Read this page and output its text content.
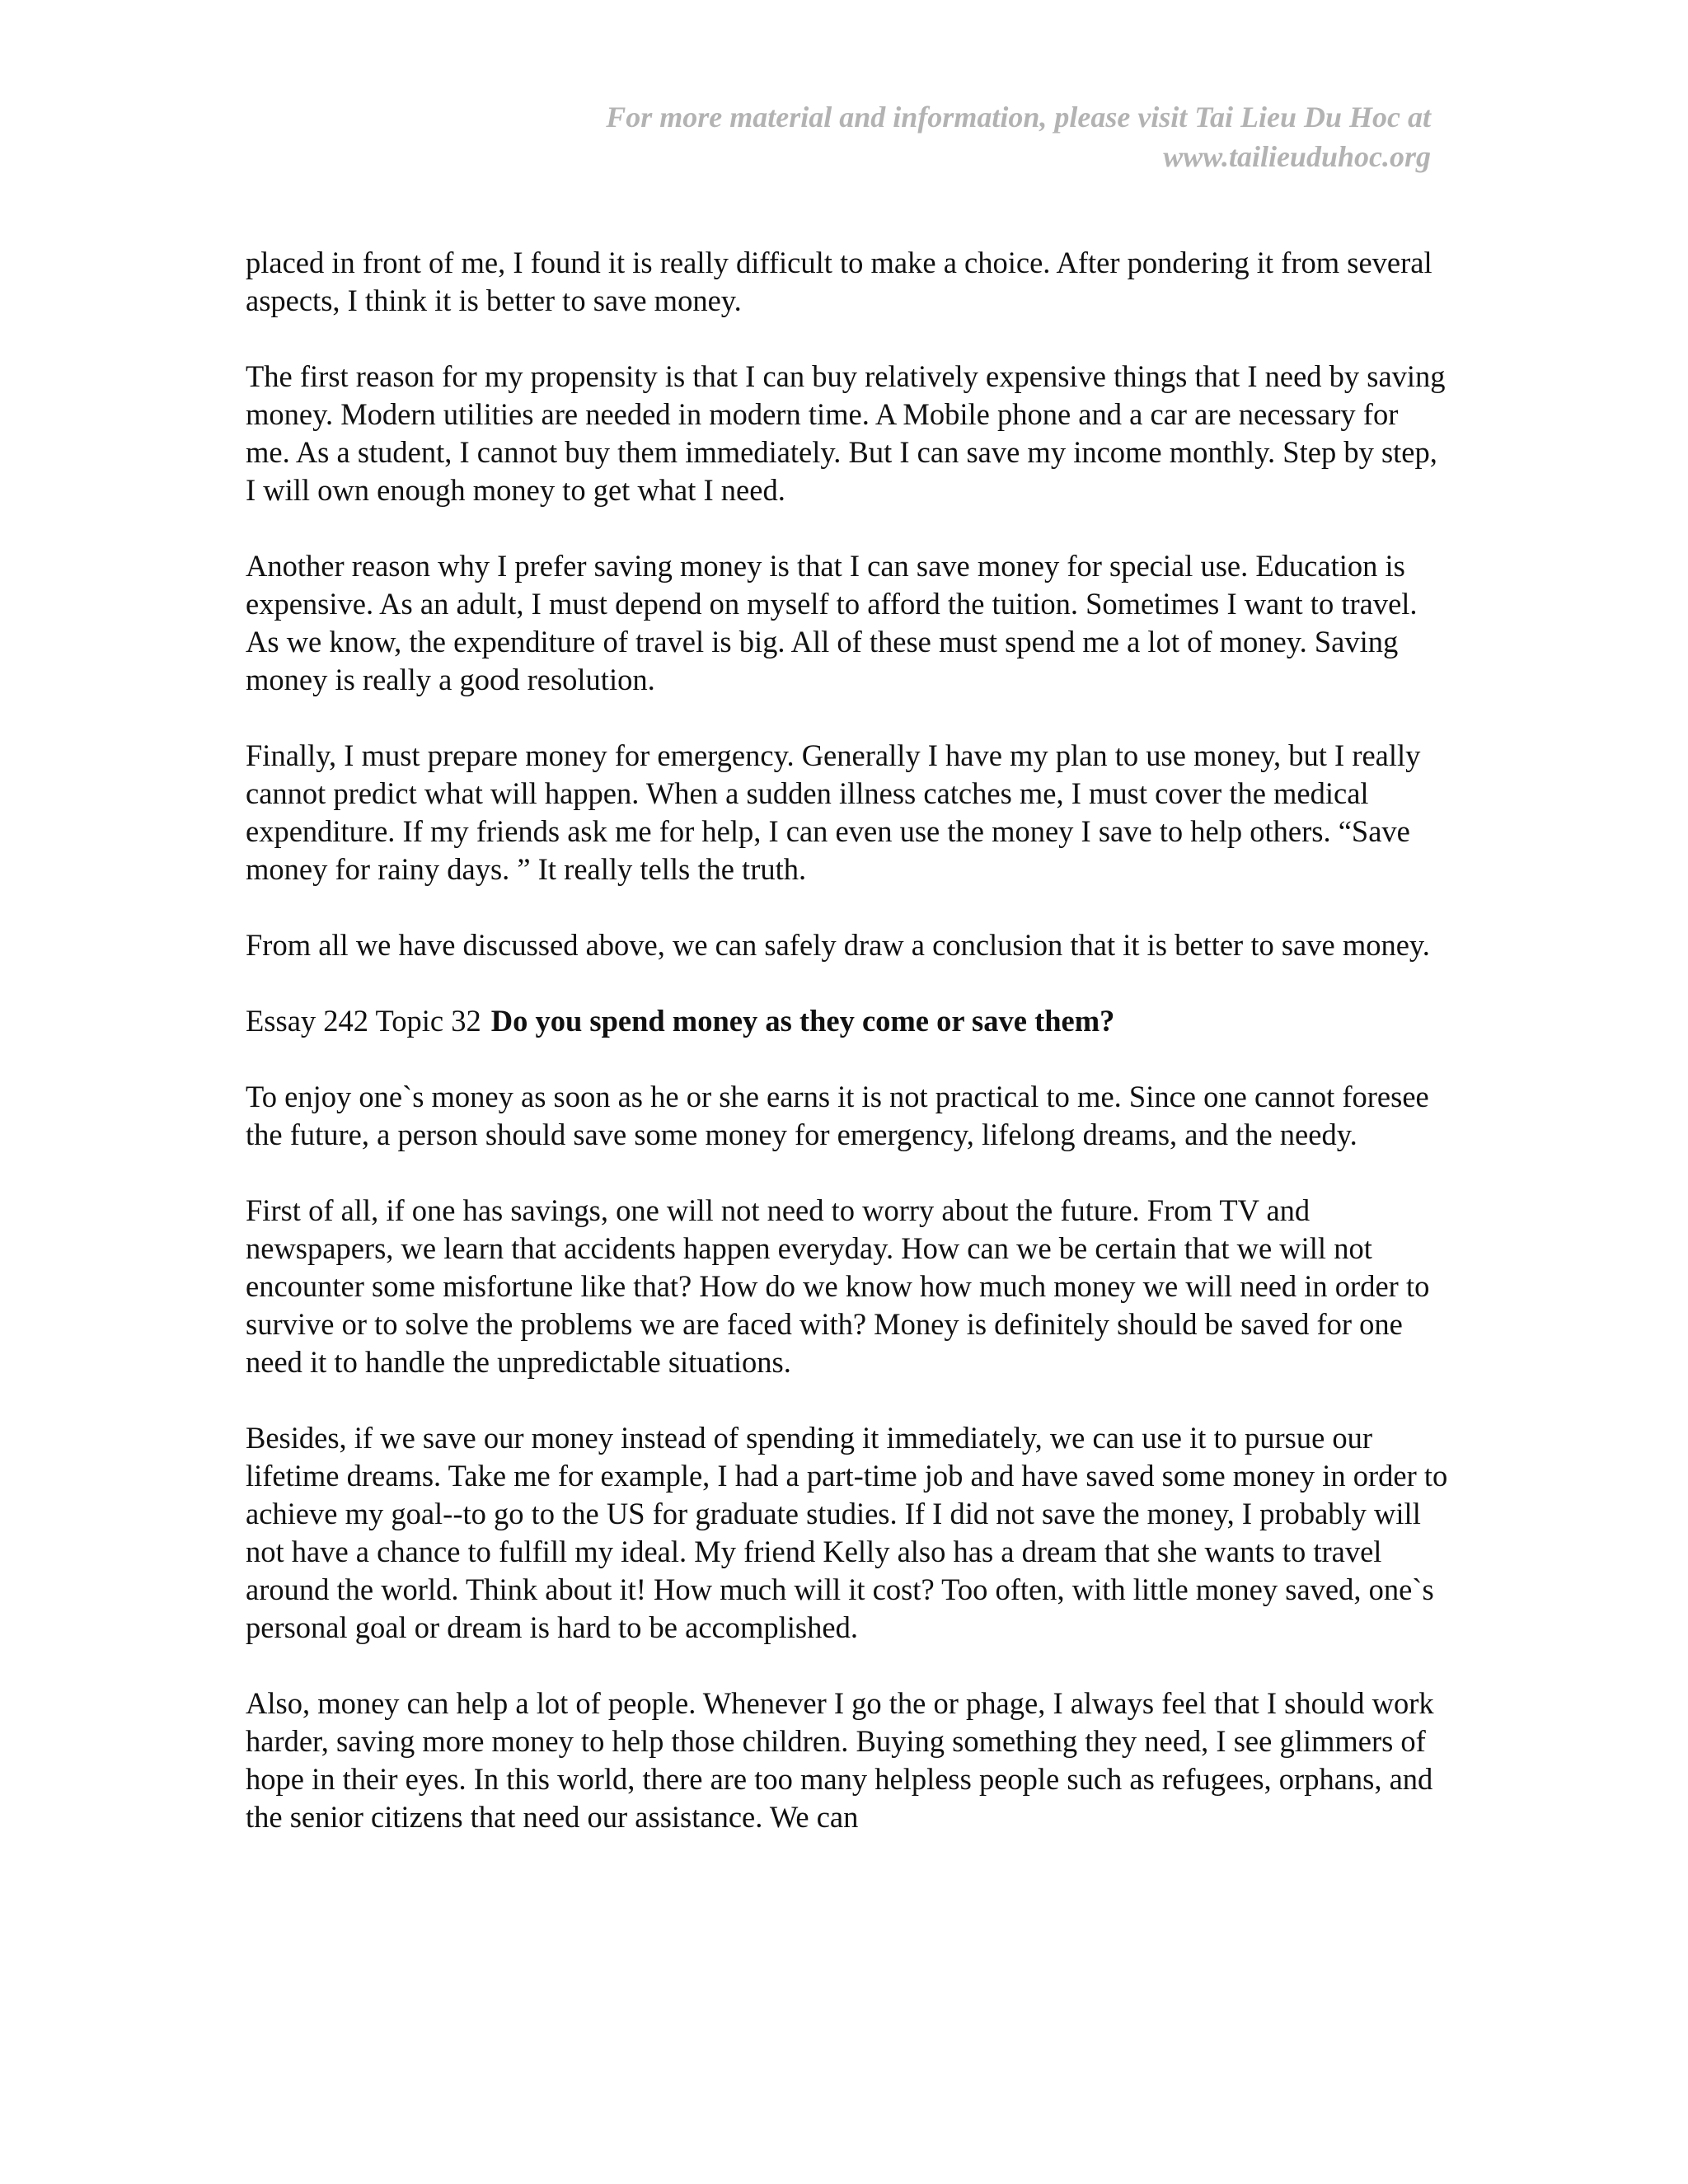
For more material and information, please visit Tai Lieu Du Hoc at
www.tailieuduhoc.org

placed in front of me, I found it is really difficult to make a choice. After pondering it from several aspects, I think it is better to save money.

The first reason for my propensity is that I can buy relatively expensive things that I need by saving money. Modern utilities are needed in modern time. A Mobile phone and a car are necessary for me. As a student, I cannot buy them immediately. But I can save my income monthly. Step by step, I will own enough money to get what I need.

Another reason why I prefer saving money is that I can save money for special use. Education is expensive. As an adult, I must depend on myself to afford the tuition. Sometimes I want to travel. As we know, the expenditure of travel is big. All of these must spend me a lot of money. Saving money is really a good resolution.

Finally, I must prepare money for emergency. Generally I have my plan to use money, but I really cannot predict what will happen. When a sudden illness catches me, I must cover the medical expenditure. If my friends ask me for help, I can even use the money I save to help others. “Save money for rainy days. ” It really tells the truth.

From all we have discussed above, we can safely draw a conclusion that it is better to save money.

Essay 242 Topic 32 Do you spend money as they come or save them?

To enjoy one`s money as soon as he or she earns it is not practical to me. Since one cannot foresee the future, a person should save some money for emergency, lifelong dreams, and the needy.

First of all, if one has savings, one will not need to worry about the future. From TV and newspapers, we learn that accidents happen everyday. How can we be certain that we will not encounter some misfortune like that? How do we know how much money we will need in order to survive or to solve the problems we are faced with? Money is definitely should be saved for one need it to handle the unpredictable situations.

Besides, if we save our money instead of spending it immediately, we can use it to pursue our lifetime dreams. Take me for example, I had a part-time job and have saved some money in order to achieve my goal--to go to the US for graduate studies. If I did not save the money, I probably will not have a chance to fulfill my ideal. My friend Kelly also has a dream that she wants to travel around the world. Think about it! How much will it cost? Too often, with little money saved, one`s personal goal or dream is hard to be accomplished.

Also, money can help a lot of people. Whenever I go the or phage, I always feel that I should work harder, saving more money to help those children. Buying something they need, I see glimmers of hope in their eyes. In this world, there are too many helpless people such as refugees, orphans, and the senior citizens that need our assistance. We can
